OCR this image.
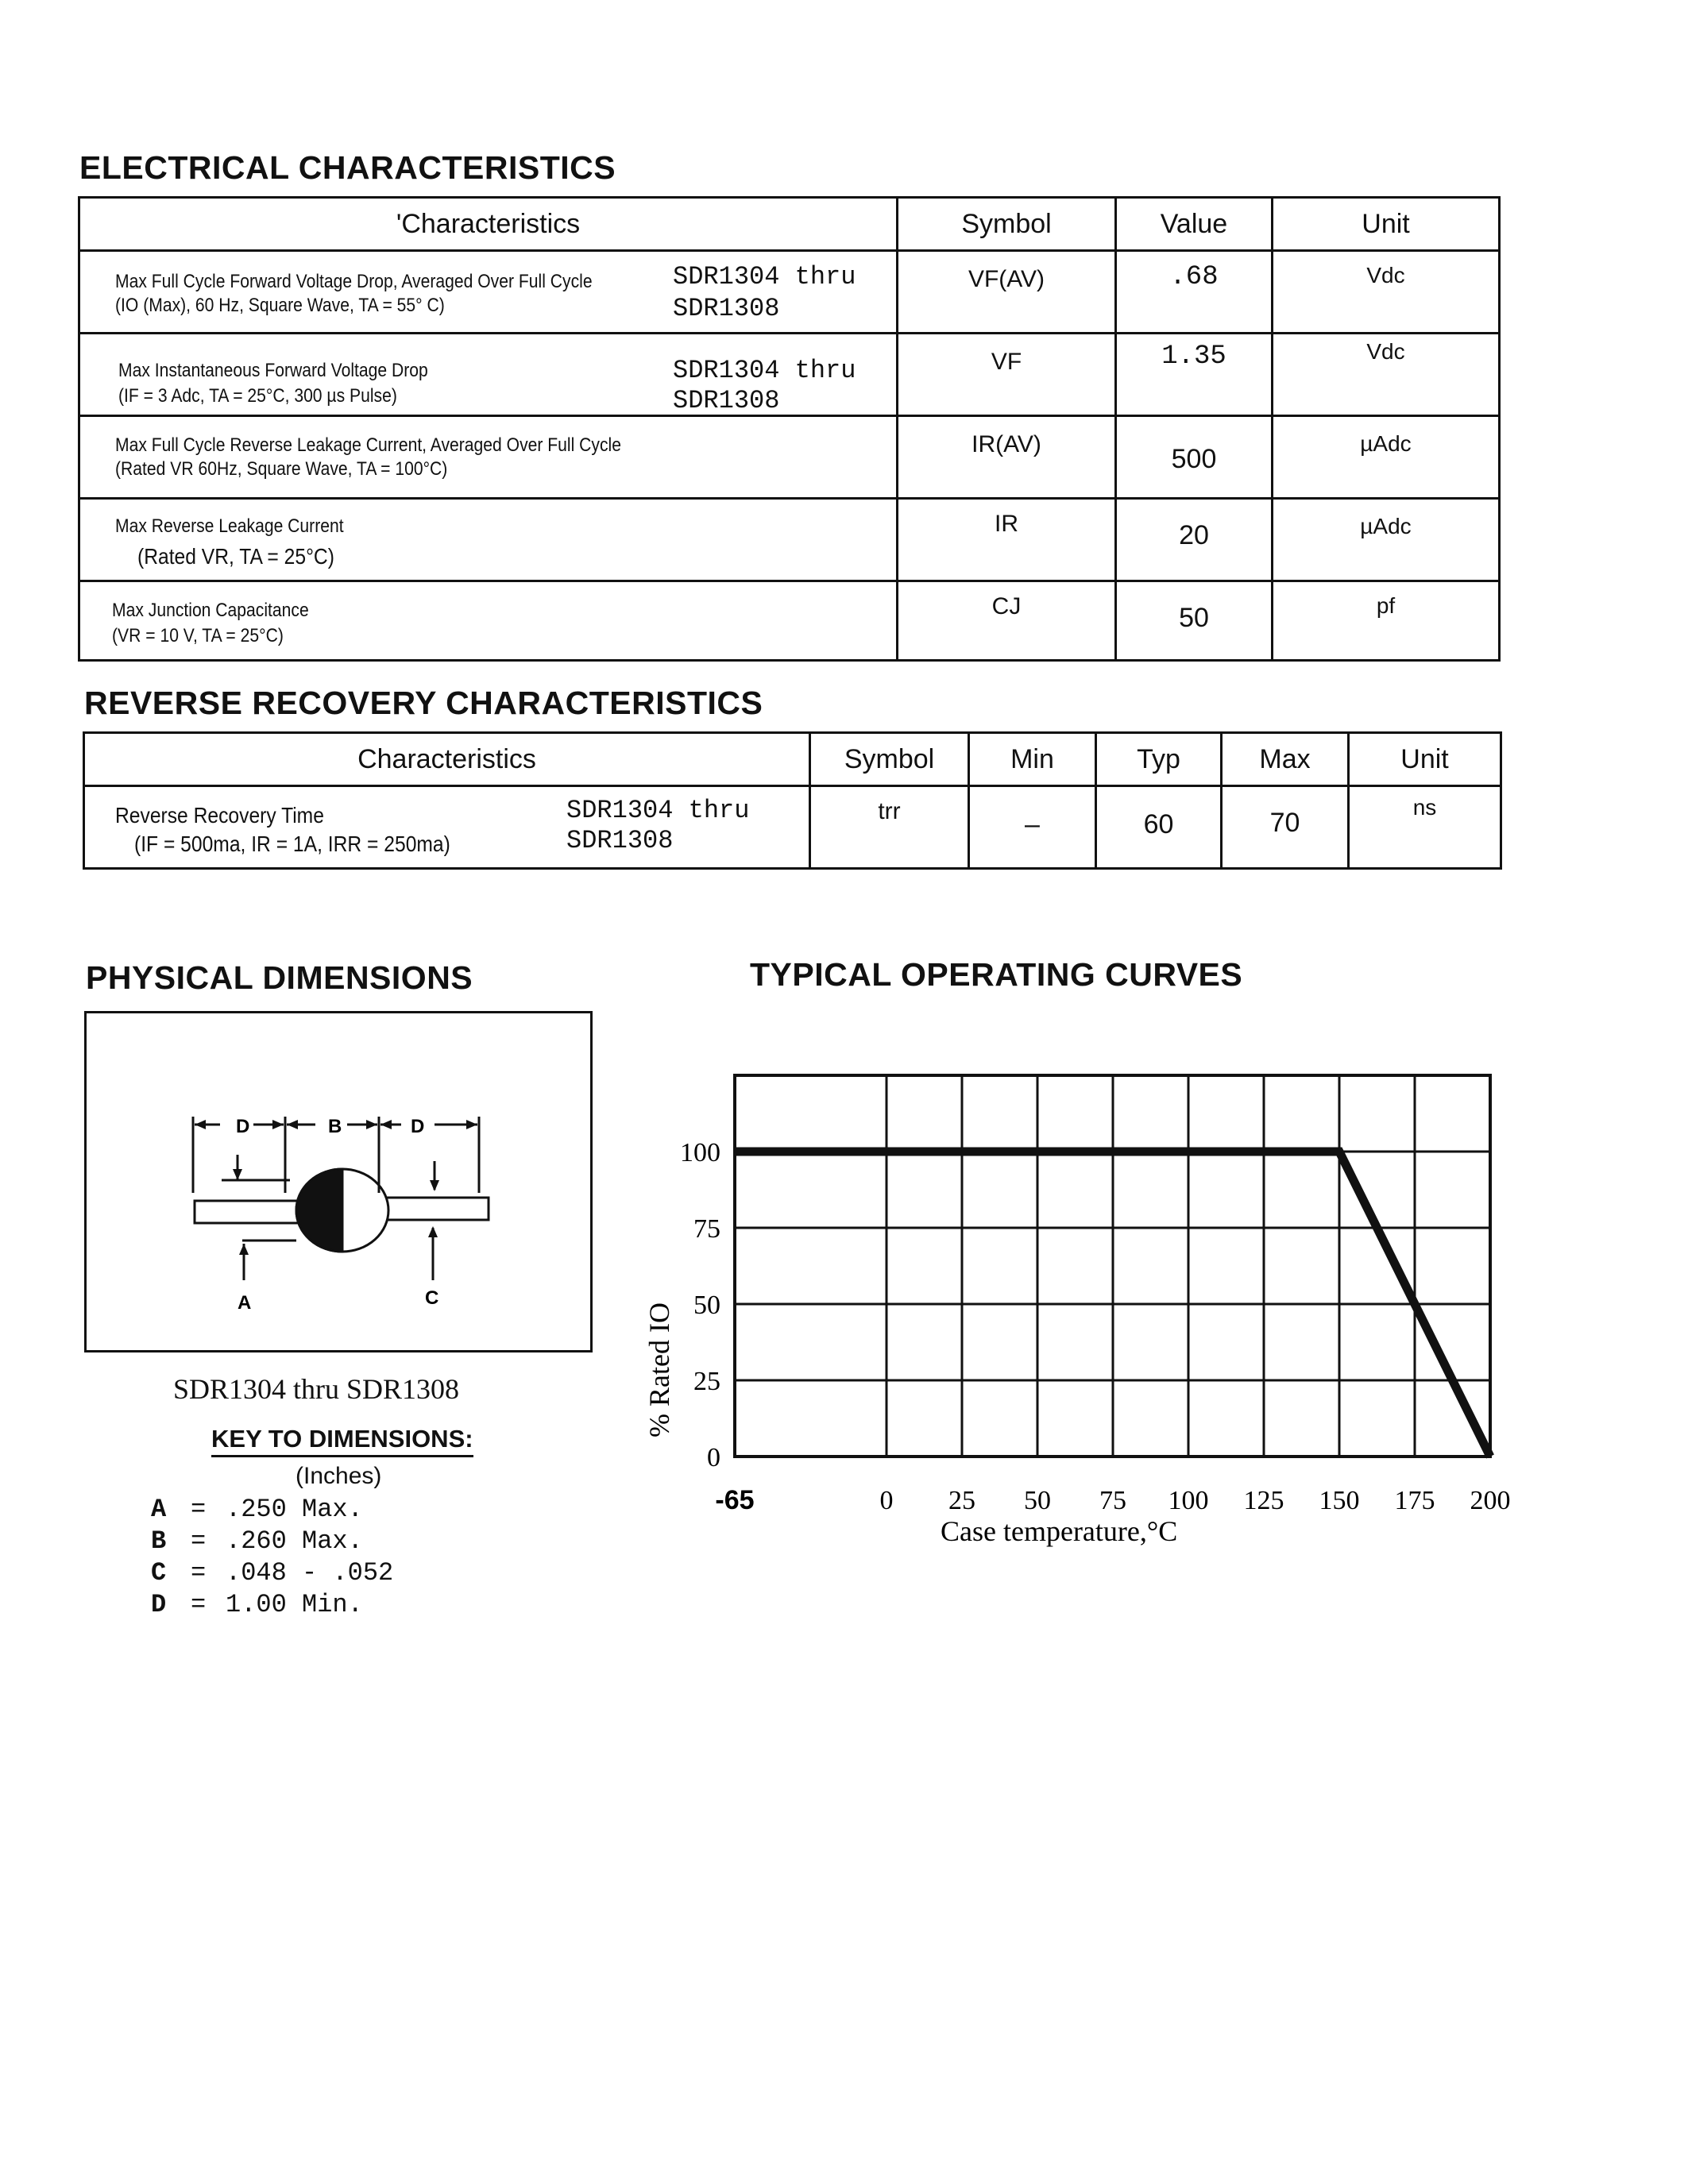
ELECTRICAL CHARACTERISTICS
'Characteristics	Symbol	Value	Unit

Max Full Cycle Forward Voltage Drop, Averaged Over Full Cycle
(IO (Max), 60 Hz, Square Wave, TA = 55° C)
SDR1304 thru
SDR1308	VF(AV)	.68	Vdc

Max Instantaneous Forward Voltage Drop
(IF = 3 Adc, TA = 25°C, 300 µs Pulse)
SDR1304 thru
SDR1308	VF	1.35	Vdc

Max Full Cycle Reverse Leakage Current, Averaged Over Full Cycle
(Rated VR 60Hz, Square Wave, TA = 100°C)	IR(AV)	500	µAdc

Max Reverse Leakage Current
(Rated VR, TA = 25°C)	IR	20	µAdc

Max Junction Capacitance
(VR = 10 V, TA = 25°C)	CJ	50	pf
REVERSE RECOVERY CHARACTERISTICS
Characteristics	Symbol	Min	Typ	Max	Unit

Reverse Recovery Time
(IF = 500ma, IR = 1A, IRR = 250ma)
SDR1304 thru
SDR1308	trr	–	60	70	ns
PHYSICAL DIMENSIONS
D	B	D
A	C
SDR1304 thru SDR1308
KEY TO DIMENSIONS:
(Inches)
A = .250 Max.
B = .260 Max.
C = .048 - .052
D = 1.00 Min.
TYPICAL OPERATING CURVES
0
25
50
75
100
-65	0 25 50 75 100 125 150 175 200
% Rated IO
Case temperature,°C
